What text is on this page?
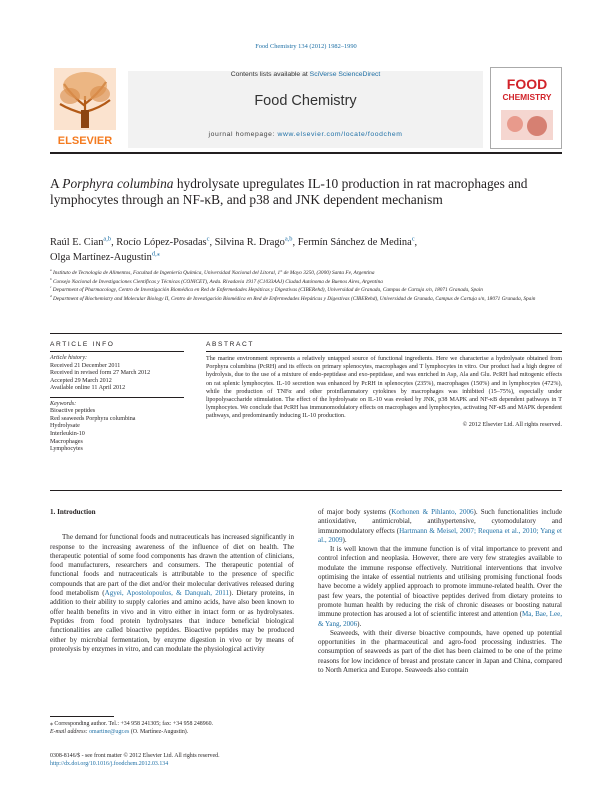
Food Chemistry 134 (2012) 1982–1990
ELSEVIER
Contents lists available at SciVerse ScienceDirect
Food Chemistry
journal homepage: www.elsevier.com/locate/foodchem
FOOD
CHEMISTRY
A Porphyra columbina hydrolysate upregulates IL-10 production in rat macrophages and lymphocytes through an NF-κB, and p38 and JNK dependent mechanism
Raúl E. Cian$^{a,b}$, Rocío López-Posadas$^c$, Silvina R. Drago$^{a,b}$, Fermín Sánchez de Medina$^c$,
Olga Martínez-Augustin$^{d,⁎}$

$^a$ Instituto de Tecnología de Alimentos, Facultad de Ingeniería Química, Universidad Nacional del Litoral, 1° de Mayo 3250, (3000) Santa Fe, Argentina

$^b$ Consejo Nacional de Investigaciones Científicas y Técnicas (CONICET), Avda. Rivadavia 1917 (C1033AAJ) Ciudad Autónoma de Buenos Aires, Argentina

$^c$ Department of Pharmacology, Centro de Investigación Biomédica en Red de Enfermedades Hepáticas y Digestivas (CIBERehd), Universidad de Granada, Campus de Cartuja s/n, 18071 Granada, Spain

$^d$ Department of Biochemistry and Molecular Biology II, Centro de Investigación Biomédica en Red de Enfermedades Hepáticas y Digestivas (CIBERehd), Universidad de Granada, Campus de Cartuja s/n, 18071 Granada, Spain

ARTICLE INFO	ABSTRACT
Article history:
Received 21 December 2011
Received in revised form 27 March 2012
Accepted 29 March 2012
Available online 11 April 2012
Keywords:
Bioactive peptides
Red seaweeds Porphyra columbina
Hydrolysate
Interleukin-10
Macrophages
Lymphocytes

The marine environment represents a relatively untapped source of functional ingredients. Here we characterise a hydrolysate obtained from Porphyra columbina (PcRH) and its effects on primary splenocytes, macrophages and T lymphocytes in vitro. Our product had a high degree of hydrolysis, due to the use of a mixture of endo-peptidase and exo-peptidase, and was enriched in Asp, Ala and Glu. PcRH had mitogenic effects on rat splenic lymphocytes. IL-10 secretion was enhanced by PcRH in splenocytes (235%), macrophages (150%) and in lymphocytes (472%), while the production of TNFα and other proinflammatory cytokines by macrophages was inhibited (15–75%), especially under lipopolysaccharide stimulation. The effect of the hydrolysate on IL-10 was evoked by JNK, p38 MAPK and NF-κB dependent pathways in T lymphocytes. We conclude that PcRH has immunomodulatory effects on macrophages and lymphocytes, activating NF-κB and MAPK dependent pathways, and predominantly inducing IL-10 production.

© 2012 Elsevier Ltd. All rights reserved.

1. Introduction

The demand for functional foods and nutraceuticals has increased significantly in response to the increasing awareness of the influence of diet on health. The therapeutic potential of some food components has drawn the attention of clinicians, food manufacturers, researchers and consumers. The therapeutic potential of functional foods and nutraceuticals is attributable to the presence of specific compounds that are part of the diet and/or their molecular derivatives released during food metabolism (Agyei, Apostolopoulos, & Danquah, 2011). Dietary proteins, in addition to their ability to supply calories and amino acids, have also been known to offer health benefits in vivo and in vitro either in intact form or as hydrolysates. Peptides from food protein hydrolysates that induce beneficial biological functionalities are called bioactive peptides. Bioactive peptides may be produced either by microbial fermentation, by enzyme digestion in vivo or by means of proteolysis by enzymes in vitro, and can modulate the physiological activity

of major body systems (Korhonen & Pihlanto, 2006). Such functionalities include antioxidative, antimicrobial, antihypertensive, cytomodulatory and immunomodulatory effects (Hartmann & Meisel, 2007; Requena et al., 2010; Yang et al., 2009).

It is well known that the immune function is of vital importance to prevent and control infection and neoplasia. However, there are very few strategies available to modulate the immune response effectively. Nutritional interventions that involve optimising the intake of essential nutrients and utilising promising functional foods have become a widely applied approach to promote immune-related health. Over the past few years, the potential of bioactive peptides derived from dietary proteins to promote human health by reducing the risk of chronic diseases or boosting natural immune protection has aroused a lot of scientific interest and attention (Ma, Bae, Lee, & Yang, 2006).

Seaweeds, with their diverse bioactive compounds, have opened up potential opportunities in the pharmaceutical and agro-food processing industries. The consumption of seaweeds as part of the diet has been claimed to be one of the prime reasons for low incidence of breast and prostate cancer in Japan and China, compared to North America and Europe. Seaweeds also contain

⁎ Corresponding author. Tel.: +34 958 241305; fax: +34 958 248960.
E-mail address: omartine@ugr.es (O. Martínez-Augustin).
0308-8146/$ - see front matter © 2012 Elsevier Ltd. All rights reserved.
http://dx.doi.org/10.1016/j.foodchem.2012.03.134
